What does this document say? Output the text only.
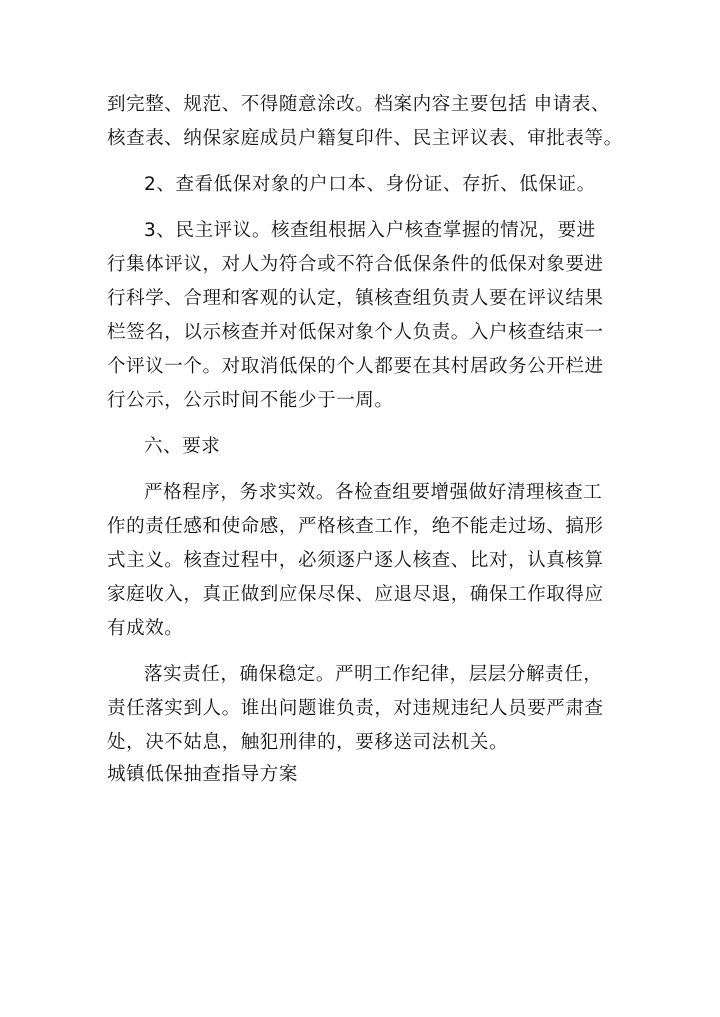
到完整、规范、不得随意涂改。档案内容主要包括 申请表、
核查表、纳保家庭成员户籍复印件、民主评议表、审批表等。
2、查看低保对象的户口本、身份证、存折、低保证。
3、民主评议。核查组根据入户核查掌握的情况，要进
行集体评议，对人为符合或不符合低保条件的低保对象要进
行科学、合理和客观的认定，镇核查组负责人要在评议结果
栏签名，以示核查并对低保对象个人负责。入户核查结束一
个评议一个。对取消低保的个人都要在其村居政务公开栏进
行公示，公示时间不能少于一周。
六、要求
严格程序，务求实效。各检查组要增强做好清理核查工
作的责任感和使命感，严格核查工作，绝不能走过场、搞形
式主义。核查过程中，必须逐户逐人核查、比对，认真核算
家庭收入，真正做到应保尽保、应退尽退，确保工作取得应
有成效。
落实责任，确保稳定。严明工作纪律，层层分解责任，
责任落实到人。谁出问题谁负责，对违规违纪人员要严肃查
处，决不姑息，触犯刑律的，要移送司法机关。
城镇低保抽查指导方案
